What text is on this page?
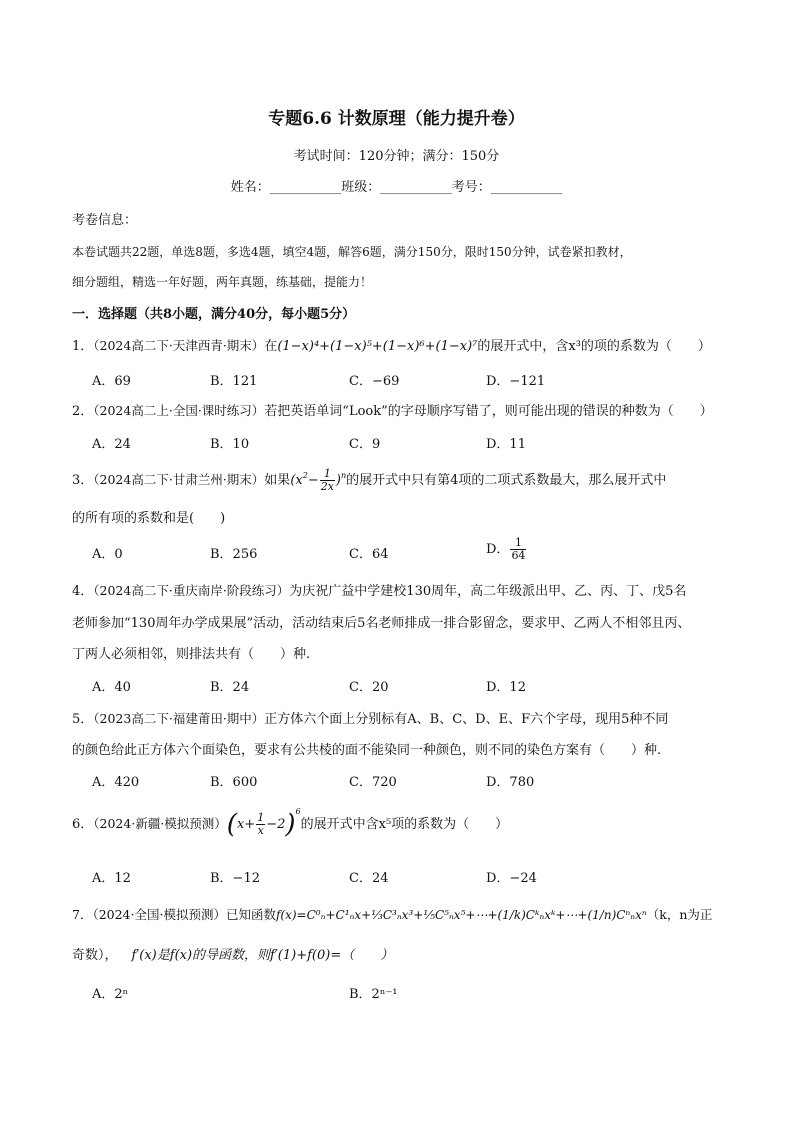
专题6.6 计数原理（能力提升卷）
考试时间：120分钟；满分：150分
姓名：___________班级：___________考号：___________
考卷信息：
本卷试题共22题，单选8题，多选4题，填空4题，解答6题，满分150分，限时150分钟，试卷紧扣教材，
细分题组，精选一年好题，两年真题，练基础，提能力！
一．选择题（共8小题，满分40分，每小题5分）
1．（2024高二下·天津西青·期末）在(1−x)⁴+(1−x)⁵+(1−x)⁶+(1−x)⁷的展开式中，含x³的项的系数为（　　）
A．69	B．121	C．−69	D．−121
2．（2024高二上·全国·课时练习）若把英语单词“Look”的字母顺序写错了，则可能出现的错误的种数为（　　）
A．24	B．10	C．9	D．11
3．（2024高二下·甘肃兰州·期末）如果$(x^2- \frac{1}{2x} )^n$的展开式中只有第4项的二项式系数最大，那么展开式中
的所有项的系数和是(　　)
A．0	B．256	C．64	D． $\frac{1}{64}$
4．（2024高二下·重庆南岸·阶段练习）为庆祝广益中学建校130周年，高二年级派出甲、乙、丙、丁、戊5名
老师参加“130周年办学成果展”活动，活动结束后5名老师排成一排合影留念，要求甲、乙两人不相邻且丙、
丁两人必须相邻，则排法共有（　　）种.
A．40	B．24	C．20	D．12
5．（2023高二下·福建莆田·期中）正方体六个面上分别标有A、B、C、D、E、F六个字母，现用5种不同
的颜色给此正方体六个面染色，要求有公共棱的面不能染同一种颜色，则不同的染色方案有（　　）种.
A．420	B．600	C．720	D．780
6．（2024·新疆·模拟预测）$(x+ \frac{1}{x} -2)^6$的展开式中含x⁵项的系数为（　　）
A．12	B．−12	C．24	D．−24
7．（2024·全国·模拟预测）已知函数f(x)=C⁰ₙ+C¹ₙx+⅓C³ₙx³+⅕C⁵ₙx⁵+⋯+(1/k)Cᵏₙxᵏ+⋯+(1/n)Cⁿₙxⁿ（k，n为正
奇数）， f′(x)是f(x)的导函数，则f′(1)+f(0)=（　　）
A．2ⁿ	B．2ⁿ⁻¹
